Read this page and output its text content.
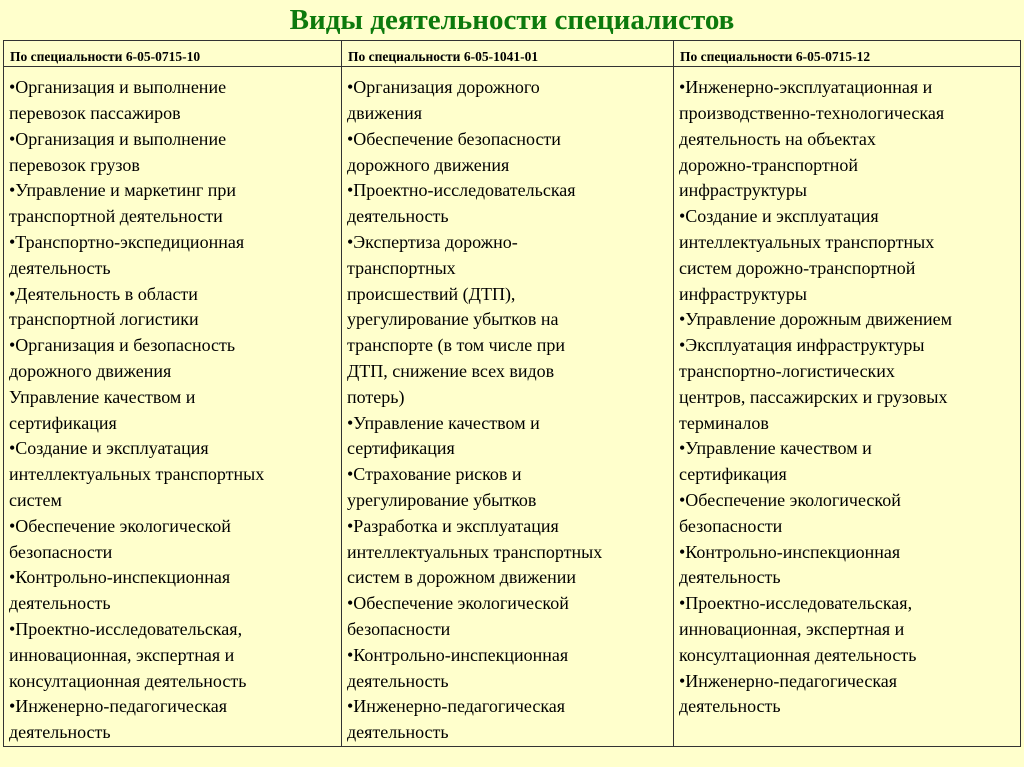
Виды деятельности специалистов
По специальности 6-05-0715-10	По специальности 6-05-1041-01	По специальности 6-05-0715-12
•Организация и выполнение
перевозок пассажиров
•Организация и выполнение
перевозок грузов
•Управление и маркетинг при
транспортной деятельности
•Транспортно-экспедиционная
деятельность
•Деятельность в области
транспортной логистики
•Организация и безопасность
дорожного движения
Управление качеством и
сертификация
•Создание и эксплуатация
интеллектуальных транспортных
систем
•Обеспечение экологической
безопасности
•Контрольно-инспекционная
деятельность
•Проектно-исследовательская,
инновационная, экспертная и
консултационная деятельность
•Инженерно-педагогическая
деятельность
•Организация дорожного
движения
•Обеспечение безопасности
дорожного движения
•Проектно-исследовательская
деятельность
•Экспертиза дорожно-
транспортных
происшествий (ДТП),
урегулирование убытков на
транспорте (в том числе при
ДТП, снижение всех видов
потерь)
•Управление качеством и
сертификация
•Страхование рисков и
урегулирование убытков
•Разработка и эксплуатация
интеллектуальных транспортных
систем в дорожном движении
•Обеспечение экологической
безопасности
•Контрольно-инспекционная
деятельность
•Инженерно-педагогическая
деятельность
•Инженерно-эксплуатационная и
производственно-технологическая
деятельность на объектах
дорожно-транспортной
инфраструктуры
•Создание и эксплуатация
интеллектуальных транспортных
систем дорожно-транспортной
инфраструктуры
•Управление дорожным движением
•Эксплуатация инфраструктуры
транспортно-логистических
центров, пассажирских и грузовых
терминалов
•Управление качеством и
сертификация
•Обеспечение экологической
безопасности
•Контрольно-инспекционная
деятельность
•Проектно-исследовательская,
инновационная, экспертная и
консултационная деятельность
•Инженерно-педагогическая
деятельность
